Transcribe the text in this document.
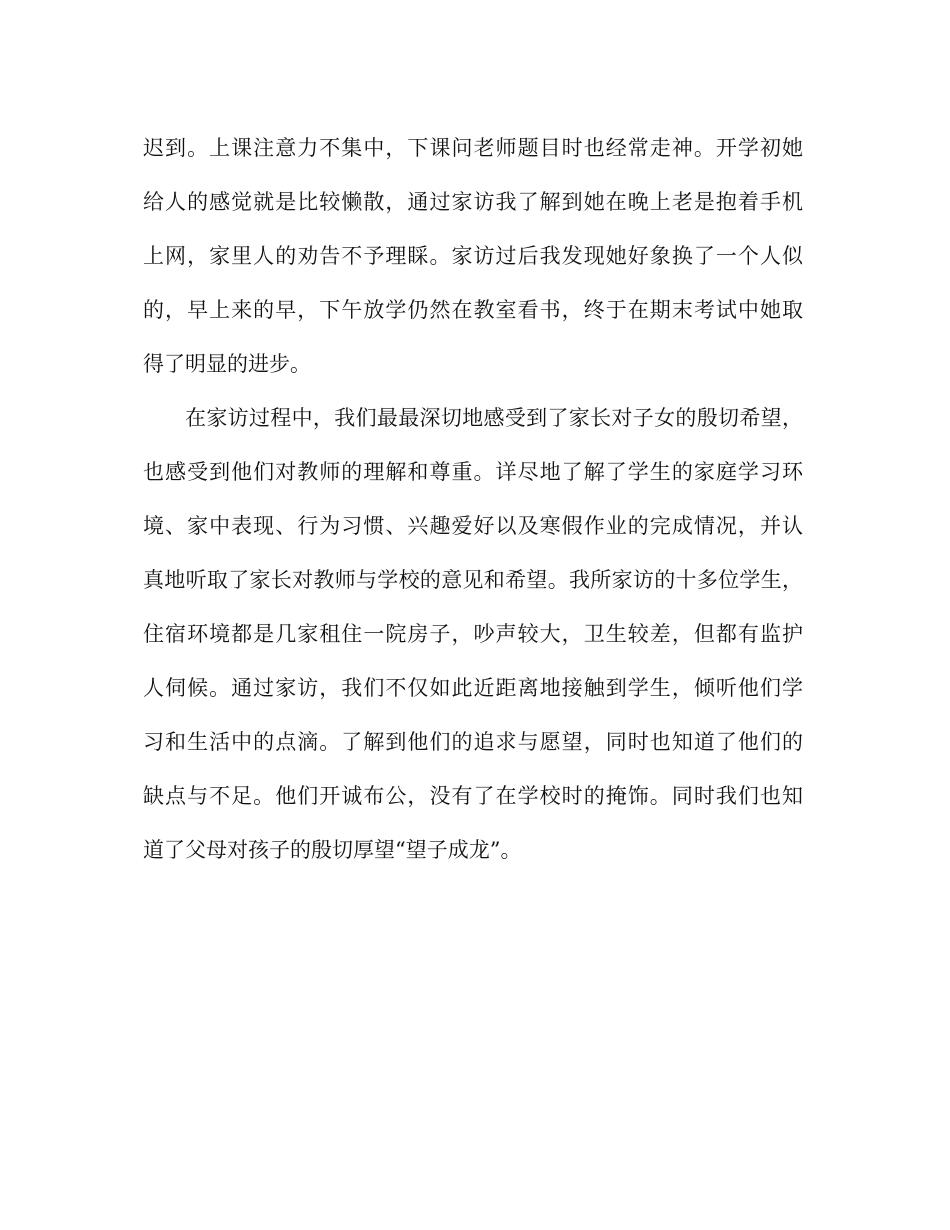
迟到。上课注意力不集中，下课问老师题目时也经常走神。开学初她
给人的感觉就是比较懒散，通过家访我了解到她在晚上老是抱着手机
上网，家里人的劝告不予理睬。家访过后我发现她好象换了一个人似
的，早上来的早，下午放学仍然在教室看书，终于在期末考试中她取
得了明显的进步。
在家访过程中，我们最最深切地感受到了家长对子女的殷切希望，
也感受到他们对教师的理解和尊重。详尽地了解了学生的家庭学习环
境、家中表现、行为习惯、兴趣爱好以及寒假作业的完成情况，并认
真地听取了家长对教师与学校的意见和希望。我所家访的十多位学生，
住宿环境都是几家租住一院房子，吵声较大，卫生较差，但都有监护
人伺候。通过家访，我们不仅如此近距离地接触到学生，倾听他们学
习和生活中的点滴。了解到他们的追求与愿望，同时也知道了他们的
缺点与不足。他们开诚布公，没有了在学校时的掩饰。同时我们也知
道了父母对孩子的殷切厚望“望子成龙”。
